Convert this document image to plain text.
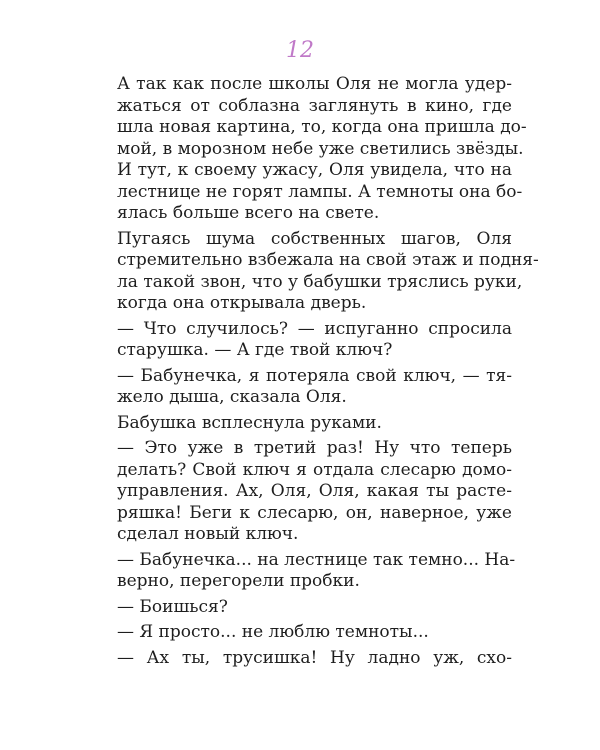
12
А так как после школы Оля не могла удер-
жаться от соблазна заглянуть в кино, где
шла новая картина, то, когда она пришла до-
мой, в морозном небе уже светились звёзды.
И тут, к своему ужасу, Оля увидела, что на
лестнице не горят лампы. А темноты она бо-
ялась больше всего на свете.
Пугаясь шума собственных шагов, Оля
стремительно взбежала на свой этаж и подня-
ла такой звон, что у бабушки тряслись руки,
когда она открывала дверь.
— Что случилось? — испуганно спросила
старушка. — А где твой ключ?
— Бабунечка, я потеряла свой ключ, — тя-
жело дыша, сказала Оля.
Бабушка всплеснула руками.
— Это уже в третий раз! Ну что теперь
делать? Свой ключ я отдала слесарю домо-
управления. Ах, Оля, Оля, какая ты расте-
ряшка! Беги к слесарю, он, наверное, уже
сделал новый ключ.
— Бабунечка... на лестнице так темно... На-
верно, перегорели пробки.
— Боишься?
— Я просто... не люблю темноты...
— Ах ты, трусишка! Ну ладно уж, схо-
